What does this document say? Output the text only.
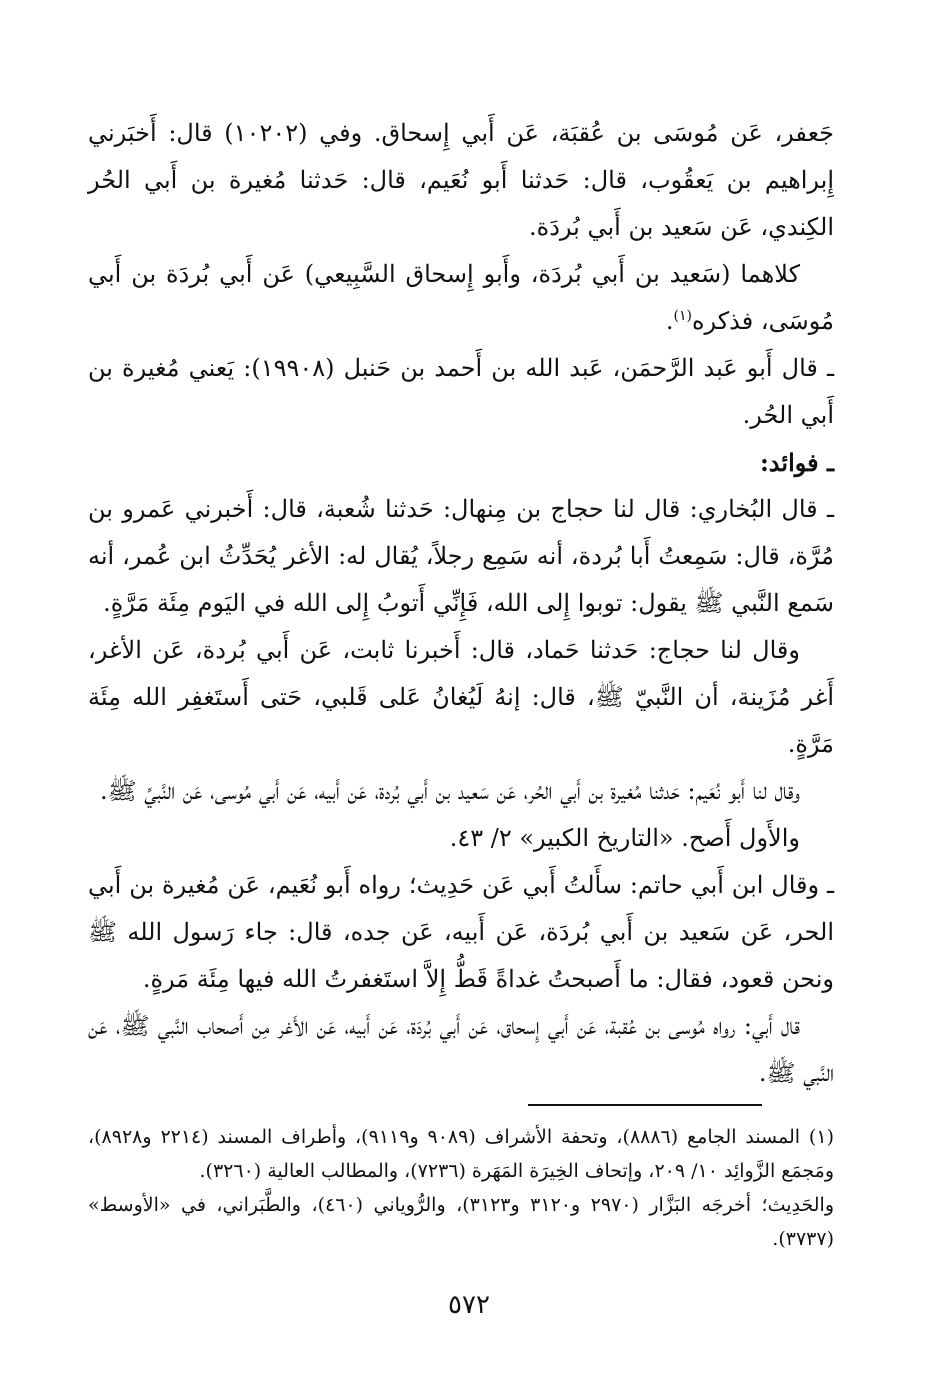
جَعفر، عَن مُوسَى بن عُقبَة، عَن أَبي إِسحاق. وفي (١٠٢٠٢) قال: أَخبَرني إِبراهيم بن يَعقُوب، قال: حَدثنا أَبو نُعَيم، قال: حَدثنا مُغيرة بن أَبي الحُر الكِندي، عَن سَعيد بن أَبي بُردَة.

كلاهما (سَعيد بن أَبي بُردَة، وأَبو إِسحاق السَّبِيعي) عَن أَبي بُردَة بن أَبي مُوسَى، فذكره$^{(١)}$.

ـ قال أَبو عَبد الرَّحمَن، عَبد الله بن أَحمد بن حَنبل (١٩٩٠٨): يَعني مُغيرة بن أَبي الحُر.

ـ فوائد:

ـ قال البُخاري: قال لنا حجاج بن مِنهال: حَدثنا شُعبة، قال: أَخبرني عَمرو بن مُرَّة، قال: سَمِعتُ أَبا بُردة، أنه سَمِع رجلاً، يُقال له: الأغر يُحَدِّثُ ابن عُمر، أنه سَمع النَّبي ﷺ يقول: توبوا إِلى الله، فَإِنِّي أَتوبُ إِلى الله في اليَوم مِئَة مَرَّةٍ.

وقال لنا حجاج: حَدثنا حَماد، قال: أَخبرنا ثابت، عَن أَبي بُردة، عَن الأغر، أَغر مُزَينة، أن النَّبيّ ﷺ، قال: إنهُ لَيُغانُ عَلى قَلبي، حَتى أَستَغفِر الله مِئَة مَرَّةٍ.

وقال لنا أَبو نُعَيم: حَدثنا مُغيرة بن أَبي الحُر، عَن سَعيد بن أَبي بُردة، عَن أَبيه، عَن أَبي مُوسى، عَن النَّبيِّ ﷺ.

والأَول أَصح. «التاريخ الكبير» ٢/ ٤٣.

ـ وقال ابن أَبي حاتم: سأَلتُ أَبي عَن حَدِيث؛ رواه أَبو نُعَيم، عَن مُغيرة بن أَبي الحر، عَن سَعيد بن أَبي بُردَة، عَن أَبيه، عَن جده، قال: جاء رَسول الله ﷺ ونحن قعود، فقال: ما أَصبحتُ غداةً قَطُّ إِلاَّ استَغفرتُ الله فيها مِئَة مَرةٍ.

قال أَبي: رواه مُوسى بن عُقبة، عَن أَبي إِسحاق، عَن أَبي بُردَة، عَن أَبيه، عَن الأَغر مِن أَصحاب النَّبي ﷺ، عَن النَّبي ﷺ.

(١) المسند الجامع (٨٨٨٦)، وتحفة الأشراف (٩٠٨٩ و٩١١٩)، وأطراف المسند (٢٢١٤ و٨٩٢٨)، ومَجمَع الزَّوائِد ١٠/ ٢٠٩، وإتحاف الخِيرَة المَهَرة (٧٢٣٦)، والمطالب العالية (٣٢٦٠).

والحَدِيث؛ أخرجَه البَزَّار (٢٩٧٠ و٣١٢٠ و٣١٢٣)، والرُّوياني (٤٦٠)، والطَّبَراني، في «الأوسط» (٣٧٣٧).

٥٧٢
